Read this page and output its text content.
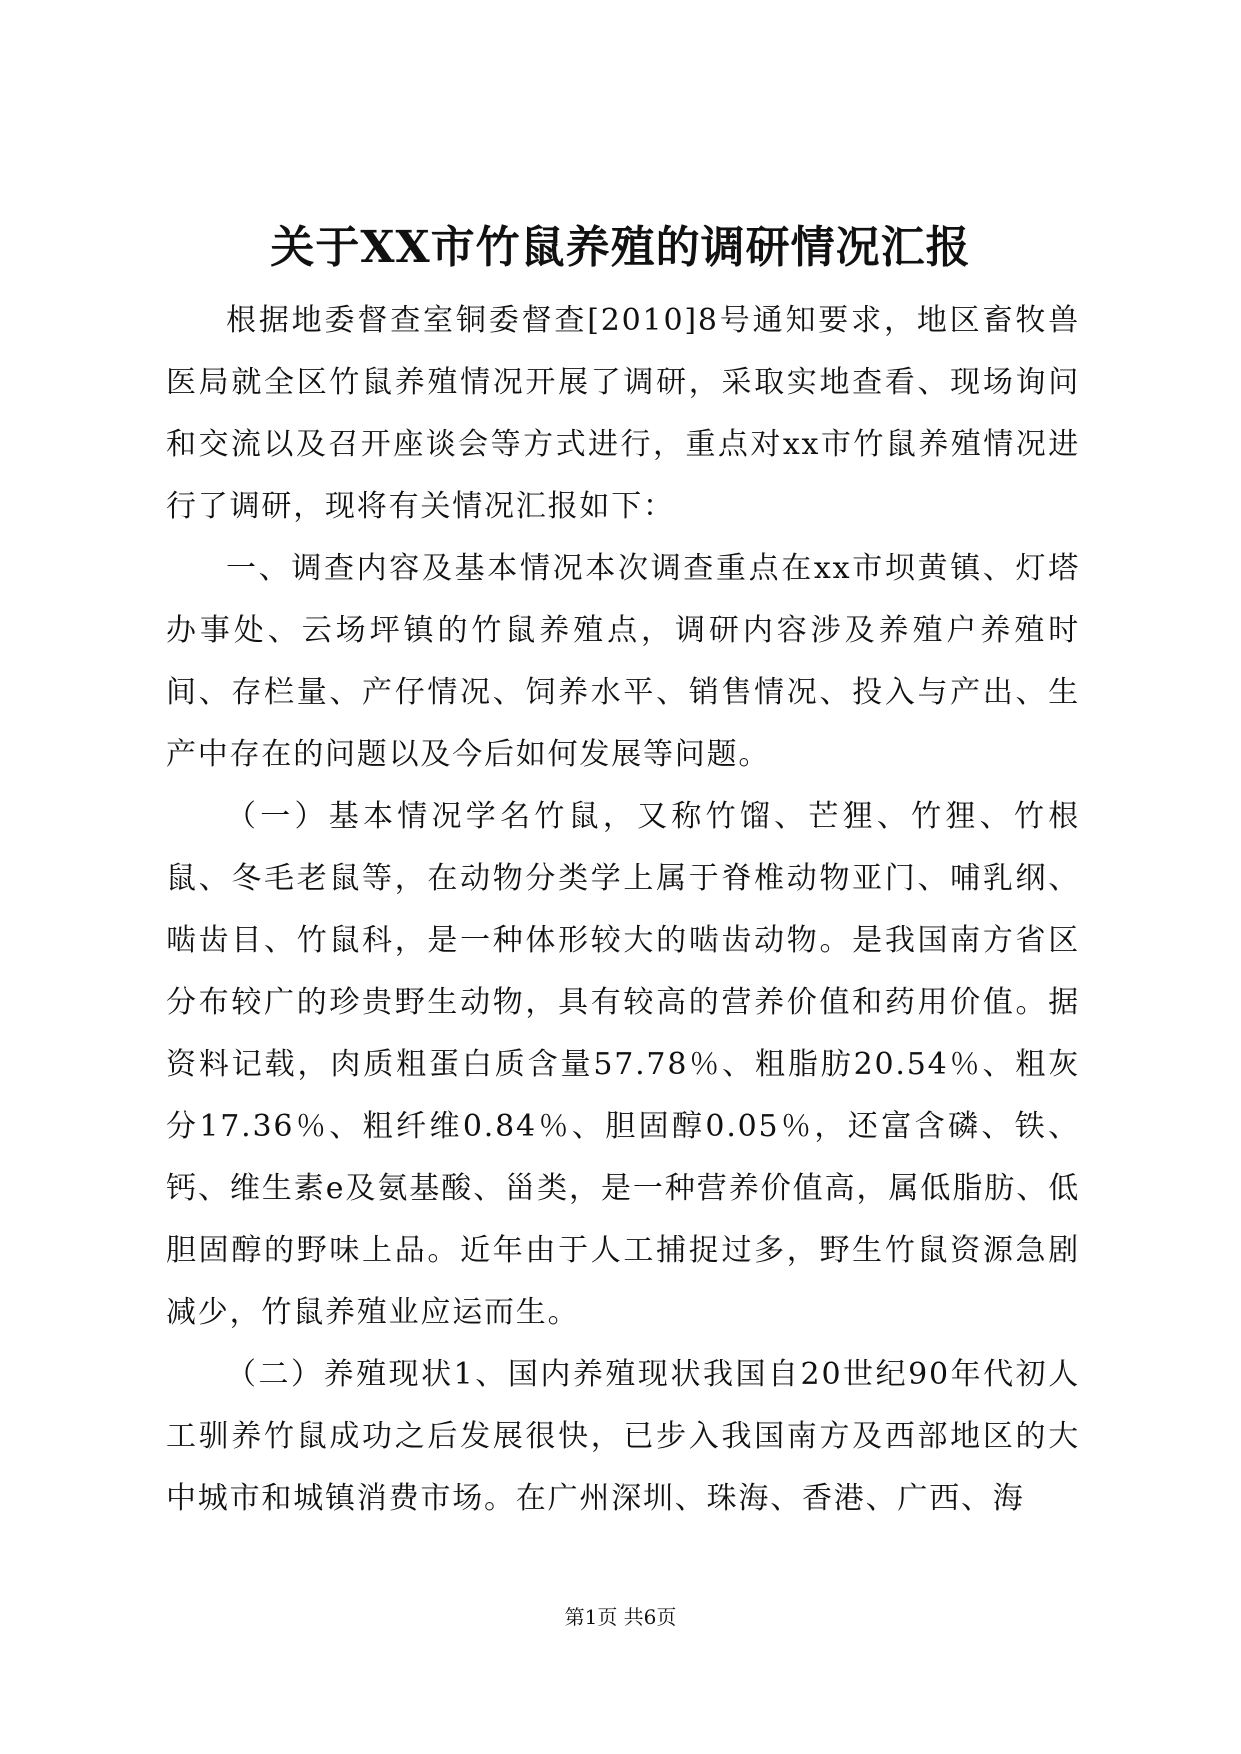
关于XX市竹鼠养殖的调研情况汇报

根据地委督查室铜委督查[2010]8号通知要求，地区畜牧兽医局就全区竹鼠养殖情况开展了调研，采取实地查看、现场询问和交流以及召开座谈会等方式进行，重点对xx市竹鼠养殖情况进行了调研，现将有关情况汇报如下：

一、调查内容及基本情况本次调查重点在xx市坝黄镇、灯塔办事处、云场坪镇的竹鼠养殖点，调研内容涉及养殖户养殖时间、存栏量、产仔情况、饲养水平、销售情况、投入与产出、生产中存在的问题以及今后如何发展等问题。

（一）基本情况学名竹鼠，又称竹馏、芒狸、竹狸、竹根鼠、冬毛老鼠等，在动物分类学上属于脊椎动物亚门、哺乳纲、啮齿目、竹鼠科，是一种体形较大的啮齿动物。是我国南方省区分布较广的珍贵野生动物，具有较高的营养价值和药用价值。据资料记载，肉质粗蛋白质含量57.78％、粗脂肪20.54％、粗灰分17.36％、粗纤维0.84％、胆固醇0.05％，还富含磷、铁、钙、维生素e及氨基酸、甾类，是一种营养价值高，属低脂肪、低胆固醇的野味上品。近年由于人工捕捉过多，野生竹鼠资源急剧减少，竹鼠养殖业应运而生。

（二）养殖现状1、国内养殖现状我国自20世纪90年代初人工驯养竹鼠成功之后发展很快，已步入我国南方及西部地区的大中城市和城镇消费市场。在广州深圳、珠海、香港、广西、海

第1页 共6页
